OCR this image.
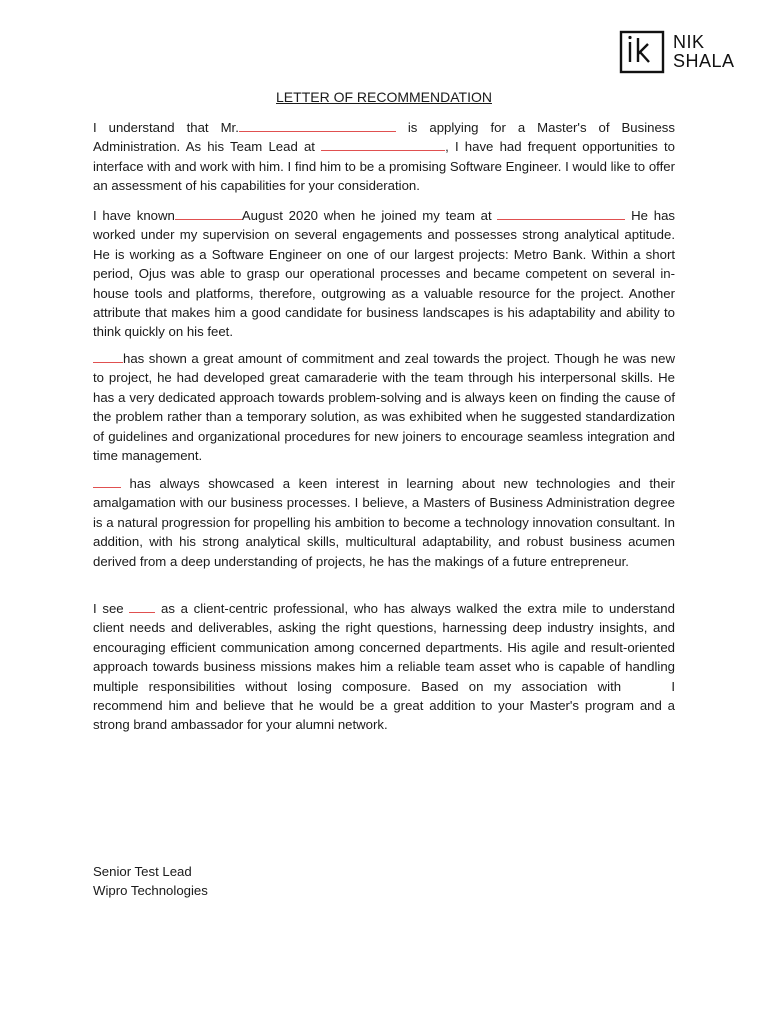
NIK
SHALA
LETTER OF RECOMMENDATION

I understand that Mr.	is applying for a Master's of Business Administration. As his Team Lead at	, I have had frequent opportunities to interface with and work with him. I find him to be a promising Software Engineer. I would like to offer an assessment of his capabilities for your consideration.

I have known	August 2020 when he joined my team at	He has worked under my supervision on several engagements and possesses strong analytical aptitude. He is working as a Software Engineer on one of our largest projects: Metro Bank. Within a short period, Ojus was able to grasp our operational processes and became competent on several in-house tools and platforms, therefore, outgrowing as a valuable resource for the project. Another attribute that makes him a good candidate for business landscapes is his adaptability and ability to think quickly on his feet.

has shown a great amount of commitment and zeal towards the project. Though he was new to project, he had developed great camaraderie with the team through his interpersonal skills. He has a very dedicated approach towards problem-solving and is always keen on finding the cause of the problem rather than a temporary solution, as was exhibited when he suggested standardization of guidelines and organizational procedures for new joiners to encourage seamless integration and time management.

has always showcased a keen interest in learning about new technologies and their amalgamation with our business processes. I believe, a Masters of Business Administration degree is a natural progression for propelling his ambition to become a technology innovation consultant. In addition, with his strong analytical skills, multicultural adaptability, and robust business acumen derived from a deep understanding of projects, he has the makings of a future entrepreneur.

I see  as a client-centric professional, who has always walked the extra mile to understand client needs and deliverables, asking the right questions, harnessing deep industry insights, and encouraging efficient communication among concerned departments. His agile and result-oriented approach towards business missions makes him a reliable team asset who is capable of handling multiple responsibilities without losing composure. Based on my association with	I recommend him and believe that he would be a great addition to your Master's program and a strong brand ambassador for your alumni network.

Senior Test Lead
Wipro Technologies
